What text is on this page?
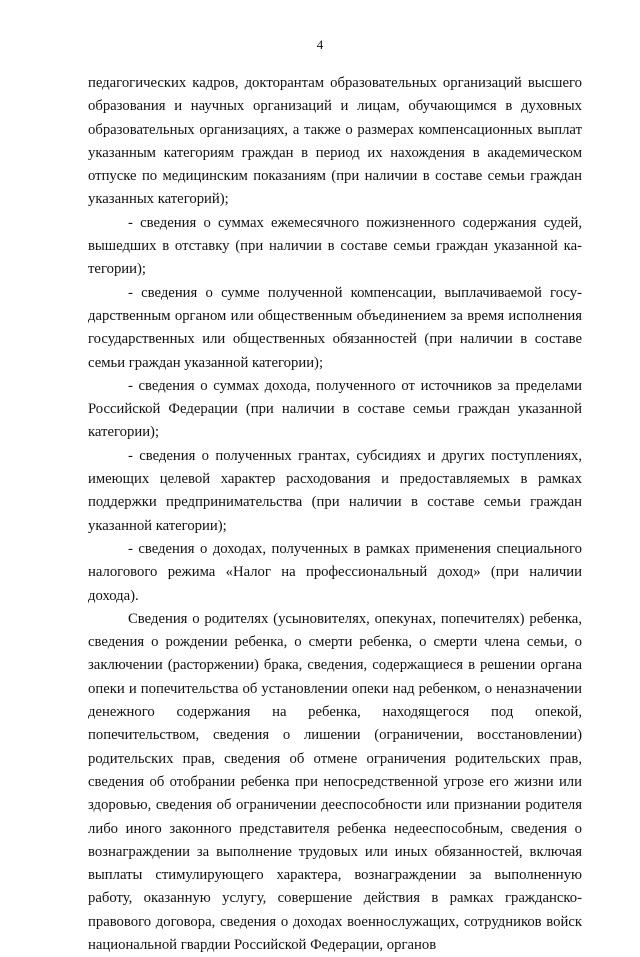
4

педагогических кадров, докторантам образовательных организаций высшего образования и научных организаций и лицам, обучающимся в духовных образовательных организациях, а также о размерах компенсационных выплат указанным категориям граждан в период их нахождения в академическом отпуске по медицинским показаниям (при наличии в составе семьи граждан указанных категорий);

- сведения о суммах ежемесячного пожизненного содержания судей, вышедших в отставку (при наличии в составе семьи граждан указанной категории);

- сведения о сумме полученной компенсации, выплачиваемой государственным органом или общественным объединением за время исполнения государственных или общественных обязанностей (при наличии в составе семьи граждан указанной категории);

- сведения о суммах дохода, полученного от источников за пределами Российской Федерации (при наличии в составе семьи граждан указанной категории);

- сведения о полученных грантах, субсидиях и других поступлениях, имеющих целевой характер расходования и предоставляемых в рамках поддержки предпринимательства (при наличии в составе семьи граждан указанной категории);

- сведения о доходах, полученных в рамках применения специального налогового режима «Налог на профессиональный доход» (при наличии дохода).

Сведения о родителях (усыновителях, опекунах, попечителях) ребенка, сведения о рождении ребенка, о смерти ребенка, о смерти члена семьи, о заключении (расторжении) брака, сведения, содержащиеся в решении органа опеки и попечительства об установлении опеки над ребенком, о неназначении денежного содержания на ребенка, находящегося под опекой, попечительством, сведения о лишении (ограничении, восстановлении) родительских прав, сведения об отмене ограничения родительских прав, сведения об отобрании ребенка при непосредственной угрозе его жизни или здоровью, сведения об ограничении дееспособности или признании родителя либо иного законного представителя ребенка недееспособным, сведения о вознаграждении за выполнение трудовых или иных обязанностей, включая выплаты стимулирующего характера, вознаграждении за выполненную работу, оказанную услугу, совершение действия в рамках гражданско-правового договора, сведения о доходах военнослужащих, сотрудников войск национальной гвардии Российской Федерации, органов
